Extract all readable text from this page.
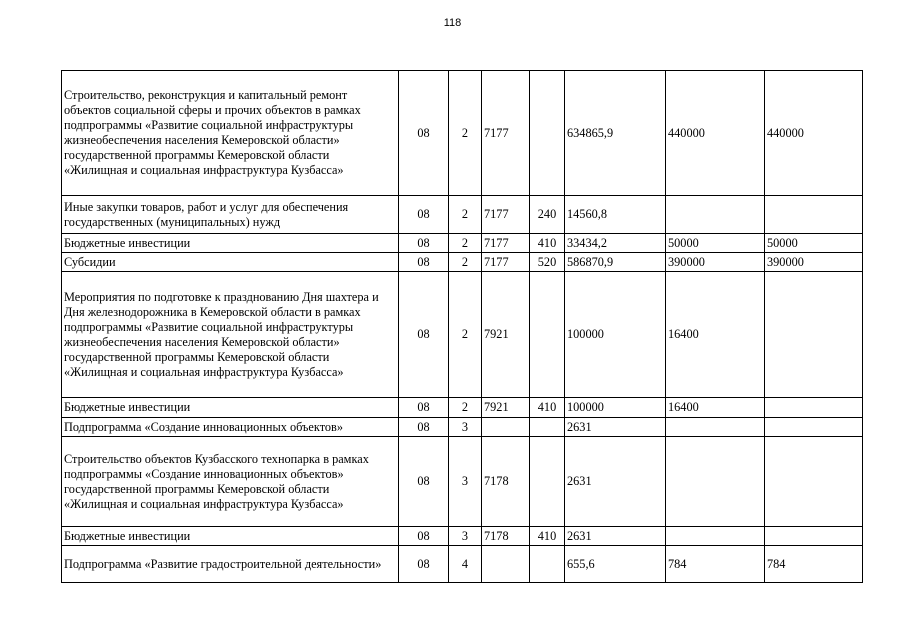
118
Строительство, реконструкция и капитальный ремонт объектов социальной сферы и прочих объектов в рамках подпрограммы «Развитие социальной инфраструктуры жизнеобеспечения населения Кемеровской области» государственной программы Кемеровской области «Жилищная и социальная инфраструктура Кузбасса»	08	2	7177		634865,9	440000	440000
Иные закупки товаров, работ и услуг для обеспечения государственных (муниципальных) нужд	08	2	7177	240	14560,8		
Бюджетные инвестиции	08	2	7177	410	33434,2	50000	50000
Субсидии	08	2	7177	520	586870,9	390000	390000
Мероприятия по подготовке к празднованию Дня шахтера и Дня железнодорожника в Кемеровской области в рамках подпрограммы «Развитие социальной инфраструктуры жизнеобеспечения населения Кемеровской области» государственной программы Кемеровской области «Жилищная и социальная инфраструктура Кузбасса»	08	2	7921		100000	16400	
Бюджетные инвестиции	08	2	7921	410	100000	16400	
Подпрограмма «Создание инновационных объектов»	08	3			2631		
Строительство объектов Кузбасского технопарка в рамках подпрограммы «Создание инновационных объектов» государственной программы Кемеровской области «Жилищная и социальная инфраструктура Кузбасса»	08	3	7178		2631		
Бюджетные инвестиции	08	3	7178	410	2631		
Подпрограмма «Развитие градостроительной деятельности»	08	4			655,6	784	784
